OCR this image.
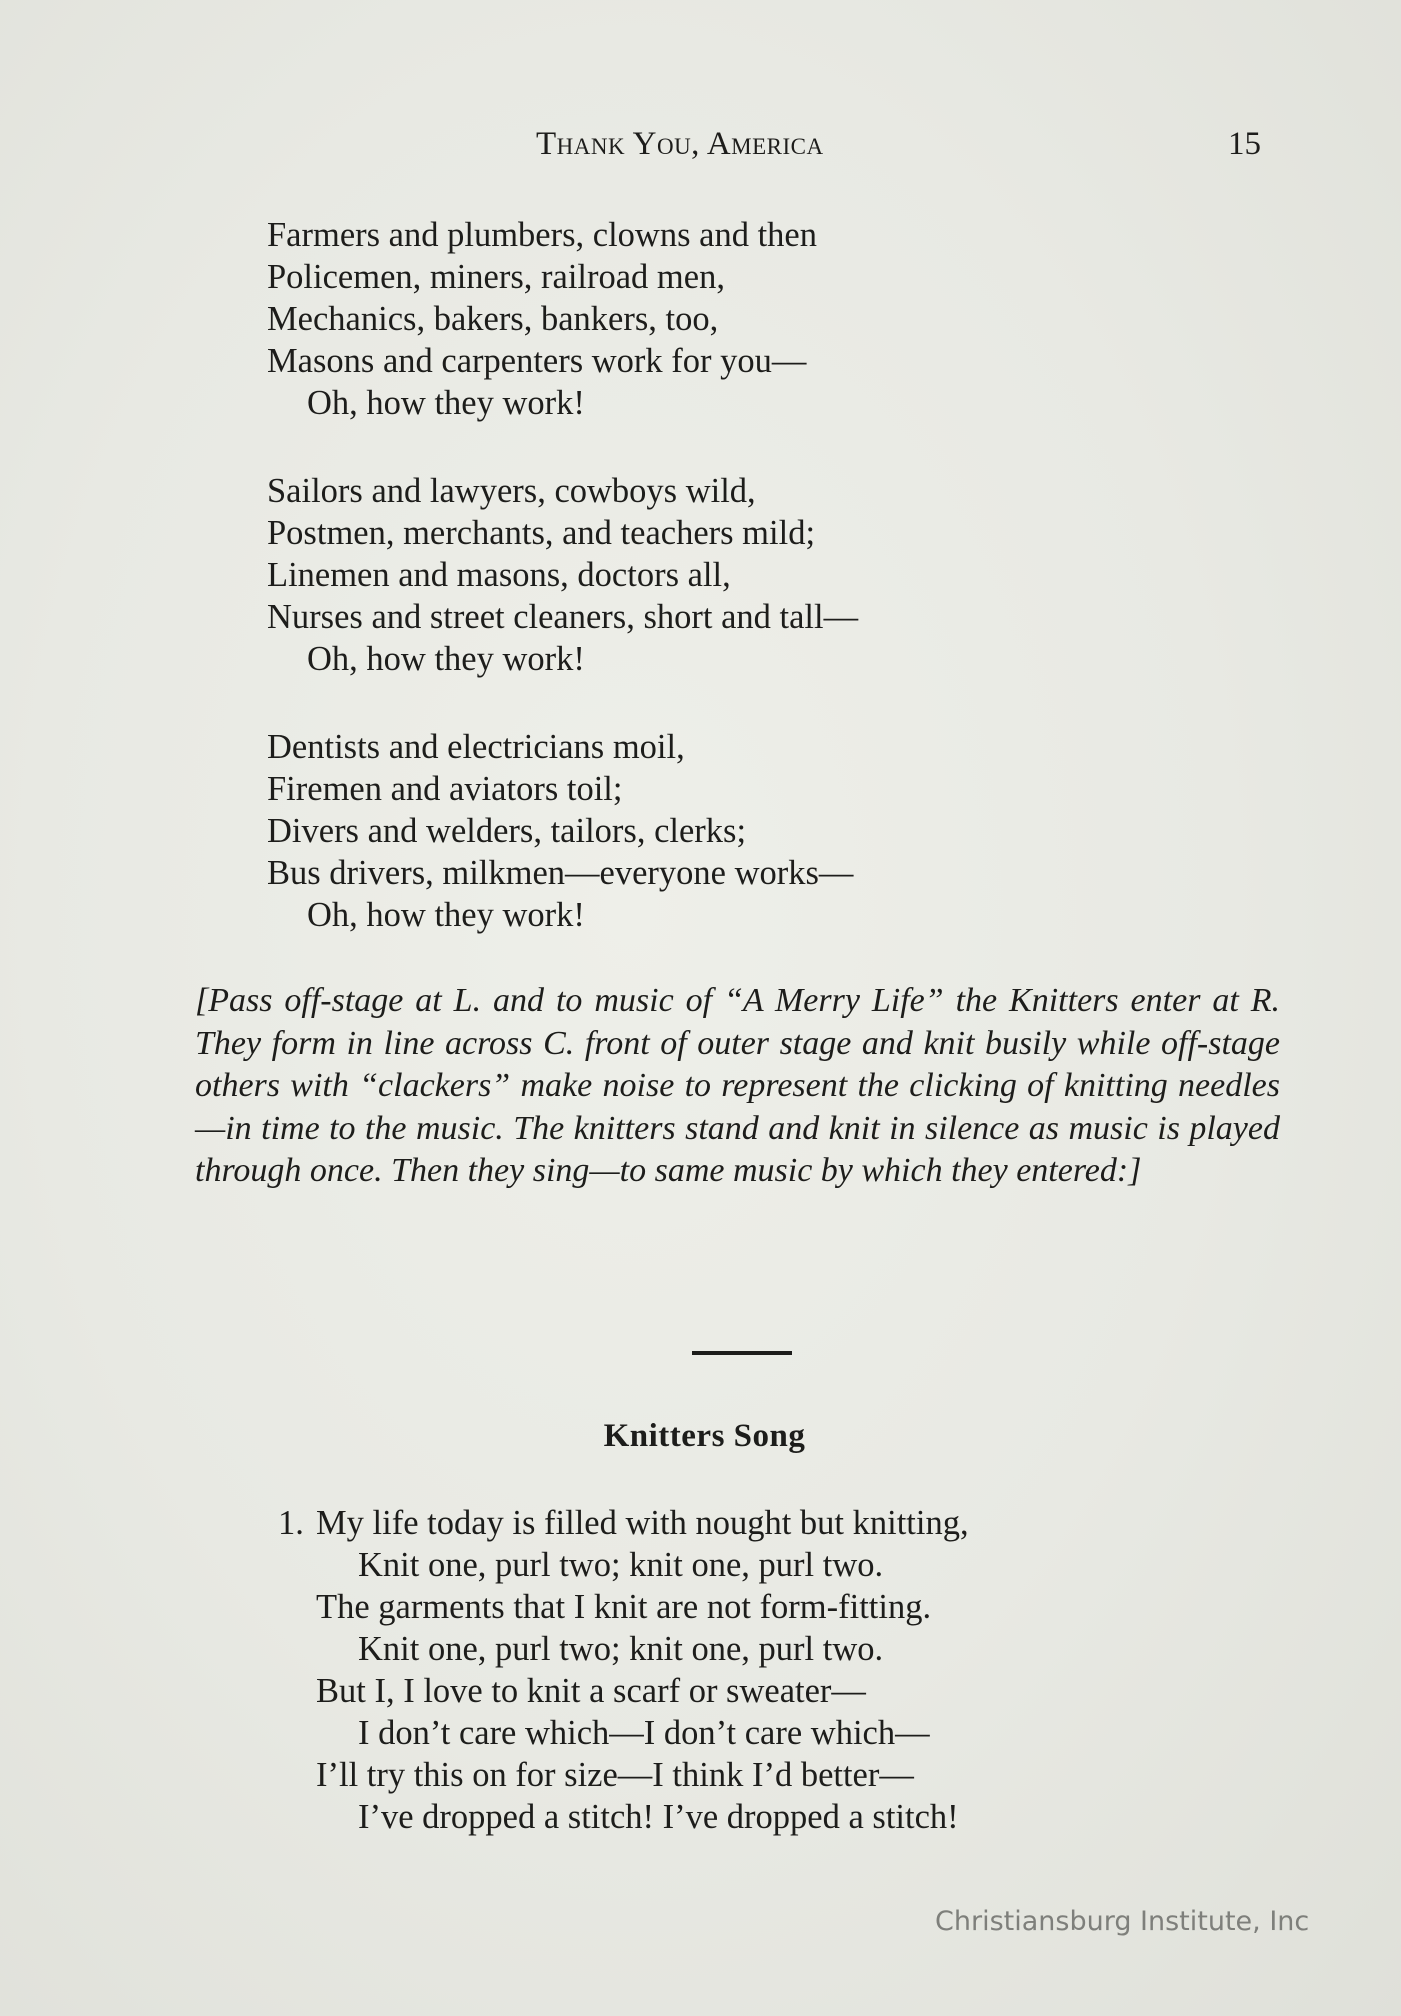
Thank You, America	15
Farmers and plumbers, clowns and then
Policemen, miners, railroad men,
Mechanics, bakers, bankers, too,
Masons and carpenters work for you—
Oh, how they work!
Sailors and lawyers, cowboys wild,
Postmen, merchants, and teachers mild;
Linemen and masons, doctors all,
Nurses and street cleaners, short and tall—
Oh, how they work!
Dentists and electricians moil,
Firemen and aviators toil;
Divers and welders, tailors, clerks;
Bus drivers, milkmen—everyone works—
Oh, how they work!
[Pass off-stage at L. and to music of “A Merry Life” the Knitters enter at R. They form in line across C. front of outer stage and knit busily while off-stage others with “clackers” make noise to represent the clicking of knitting needles—in time to the music. The knitters stand and knit in silence as music is played through once. Then they sing—to same music by which they entered:]
Knitters Song
1. My life today is filled with nought but knitting,
Knit one, purl two; knit one, purl two.
The garments that I knit are not form-fitting.
Knit one, purl two; knit one, purl two.
But I, I love to knit a scarf or sweater—
I don’t care which—I don’t care which—
I’ll try this on for size—I think I’d better—
I’ve dropped a stitch! I’ve dropped a stitch!
Christiansburg Institute, Inc
